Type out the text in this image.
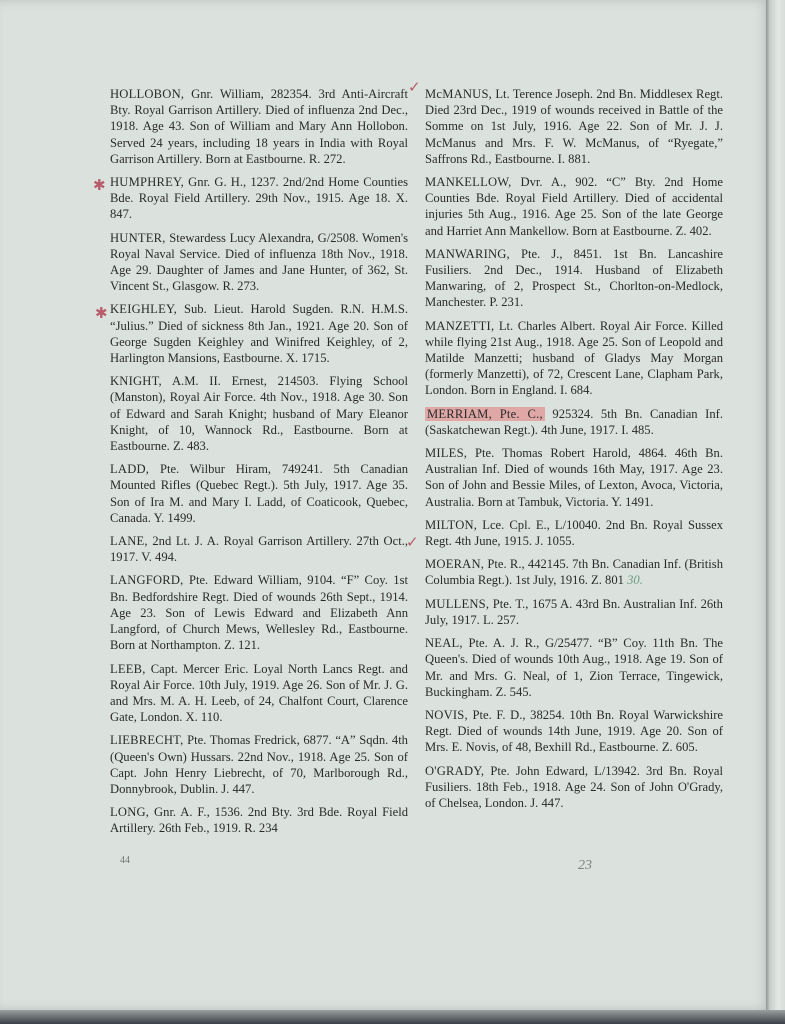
HOLLOBON, Gnr. William, 282354. 3rd Anti-Aircraft Bty. Royal Garrison Artillery. Died of influenza 2nd Dec., 1918. Age 43. Son of William and Mary Ann Hollobon. Served 24 years, including 18 years in India with Royal Garrison Artillery. Born at Eastbourne. R. 272.

HUMPHREY, Gnr. G. H., 1237. 2nd/2nd Home Counties Bde. Royal Field Artillery. 29th Nov., 1915. Age 18. X. 847.

HUNTER, Stewardess Lucy Alexandra, G/2508. Women's Royal Naval Service. Died of influenza 18th Nov., 1918. Age 29. Daughter of James and Jane Hunter, of 362, St. Vincent St., Glasgow. R. 273.

KEIGHLEY, Sub. Lieut. Harold Sugden. R.N. H.M.S. “Julius.” Died of sickness 8th Jan., 1921. Age 20. Son of George Sugden Keighley and Winifred Keighley, of 2, Harlington Mansions, Eastbourne. X. 1715.

KNIGHT, A.M. II. Ernest, 214503. Flying School (Manston), Royal Air Force. 4th Nov., 1918. Age 30. Son of Edward and Sarah Knight; husband of Mary Eleanor Knight, of 10, Wannock Rd., Eastbourne. Born at Eastbourne. Z. 483.

LADD, Pte. Wilbur Hiram, 749241. 5th Canadian Mounted Rifles (Quebec Regt.). 5th July, 1917. Age 35. Son of Ira M. and Mary I. Ladd, of Coaticook, Quebec, Canada. Y. 1499.

LANE, 2nd Lt. J. A. Royal Garrison Artillery. 27th Oct., 1917. V. 494.

LANGFORD, Pte. Edward William, 9104. “F” Coy. 1st Bn. Bedfordshire Regt. Died of wounds 26th Sept., 1914. Age 23. Son of Lewis Edward and Elizabeth Ann Langford, of Church Mews, Wellesley Rd., Eastbourne. Born at Northampton. Z. 121.

LEEB, Capt. Mercer Eric. Loyal North Lancs Regt. and Royal Air Force. 10th July, 1919. Age 26. Son of Mr. J. G. and Mrs. M. A. H. Leeb, of 24, Chalfont Court, Clarence Gate, London. X. 110.

LIEBRECHT, Pte. Thomas Fredrick, 6877. “A” Sqdn. 4th (Queen's Own) Hussars. 22nd Nov., 1918. Age 25. Son of Capt. John Henry Liebrecht, of 70, Marlborough Rd., Donnybrook, Dublin. J. 447.

LONG, Gnr. A. F., 1536. 2nd Bty. 3rd Bde. Royal Field Artillery. 26th Feb., 1919. R. 234

McMANUS, Lt. Terence Joseph. 2nd Bn. Middlesex Regt. Died 23rd Dec., 1919 of wounds received in Battle of the Somme on 1st July, 1916. Age 22. Son of Mr. J. J. McManus and Mrs. F. W. McManus, of “Ryegate,” Saffrons Rd., Eastbourne. I. 881.

MANKELLOW, Dvr. A., 902. “C” Bty. 2nd Home Counties Bde. Royal Field Artillery. Died of accidental injuries 5th Aug., 1916. Age 25. Son of the late George and Harriet Ann Mankellow. Born at Eastbourne. Z. 402.

MANWARING, Pte. J., 8451. 1st Bn. Lancashire Fusiliers. 2nd Dec., 1914. Husband of Elizabeth Manwaring, of 2, Prospect St., Chorlton-on-Medlock, Manchester. P. 231.

MANZETTI, Lt. Charles Albert. Royal Air Force. Killed while flying 21st Aug., 1918. Age 25. Son of Leopold and Matilde Manzetti; husband of Gladys May Morgan (formerly Manzetti), of 72, Crescent Lane, Clapham Park, London. Born in England. I. 684.

MERRIAM, Pte. C., 925324. 5th Bn. Canadian Inf. (Saskatchewan Regt.). 4th June, 1917. I. 485.

MILES, Pte. Thomas Robert Harold, 4864. 46th Bn. Australian Inf. Died of wounds 16th May, 1917. Age 23. Son of John and Bessie Miles, of Lexton, Avoca, Victoria, Australia. Born at Tambuk, Victoria. Y. 1491.

MILTON, Lce. Cpl. E., L/10040. 2nd Bn. Royal Sussex Regt. 4th June, 1915. J. 1055.

MOERAN, Pte. R., 442145. 7th Bn. Canadian Inf. (British Columbia Regt.). 1st July, 1916. Z. 801 30.

MULLENS, Pte. T., 1675 A. 43rd Bn. Australian Inf. 26th July, 1917. L. 257.

NEAL, Pte. A. J. R., G/25477. “B” Coy. 11th Bn. The Queen's. Died of wounds 10th Aug., 1918. Age 19. Son of Mr. and Mrs. G. Neal, of 1, Zion Terrace, Tingewick, Buckingham. Z. 545.

NOVIS, Pte. F. D., 38254. 10th Bn. Royal Warwickshire Regt. Died of wounds 14th June, 1919. Age 20. Son of Mrs. E. Novis, of 48, Bexhill Rd., Eastbourne. Z. 605.

O'GRADY, Pte. John Edward, L/13942. 3rd Bn. Royal Fusiliers. 18th Feb., 1918. Age 24. Son of John O'Grady, of Chelsea, London. J. 447.

✱
✱
✓
✓
44	23
